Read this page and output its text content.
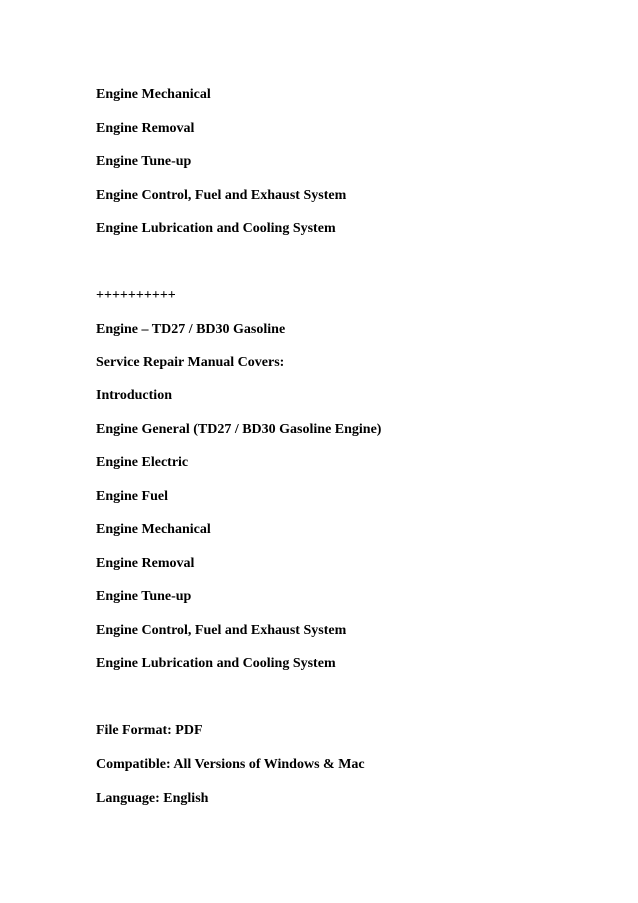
Engine Mechanical

Engine Removal

Engine Tune-up

Engine Control, Fuel and Exhaust System

Engine Lubrication and Cooling System

++++++++++

Engine – TD27 / BD30 Gasoline

Service Repair Manual Covers:

Introduction

Engine General (TD27 / BD30 Gasoline Engine)

Engine Electric

Engine Fuel

Engine Mechanical

Engine Removal

Engine Tune-up

Engine Control, Fuel and Exhaust System

Engine Lubrication and Cooling System

File Format: PDF

Compatible: All Versions of Windows & Mac

Language: English
